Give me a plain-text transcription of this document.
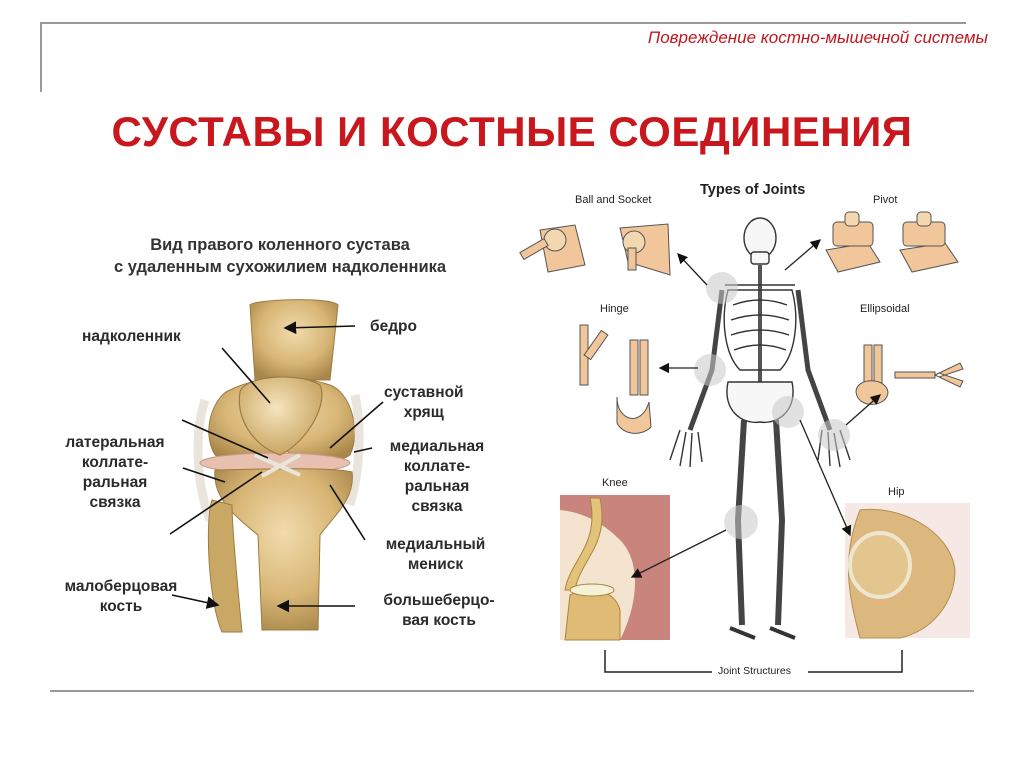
Повреждение костно-мышечной системы
СУСТАВЫ И КОСТНЫЕ СОЕДИНЕНИЯ
Вид правого коленного сустава
с удаленным сухожилием надколенника
надколенник
бедро
суставной
хрящ
латеральная
коллате-
ральная
связка
медиальная
коллате-
ральная
связка
медиальный
мениск
малоберцовая
кость	большеберцо-
вая кость
Types of Joints
Ball and Socket	Pivot
Hinge	Ellipsoidal
Knee
Hip
Joint Structures
